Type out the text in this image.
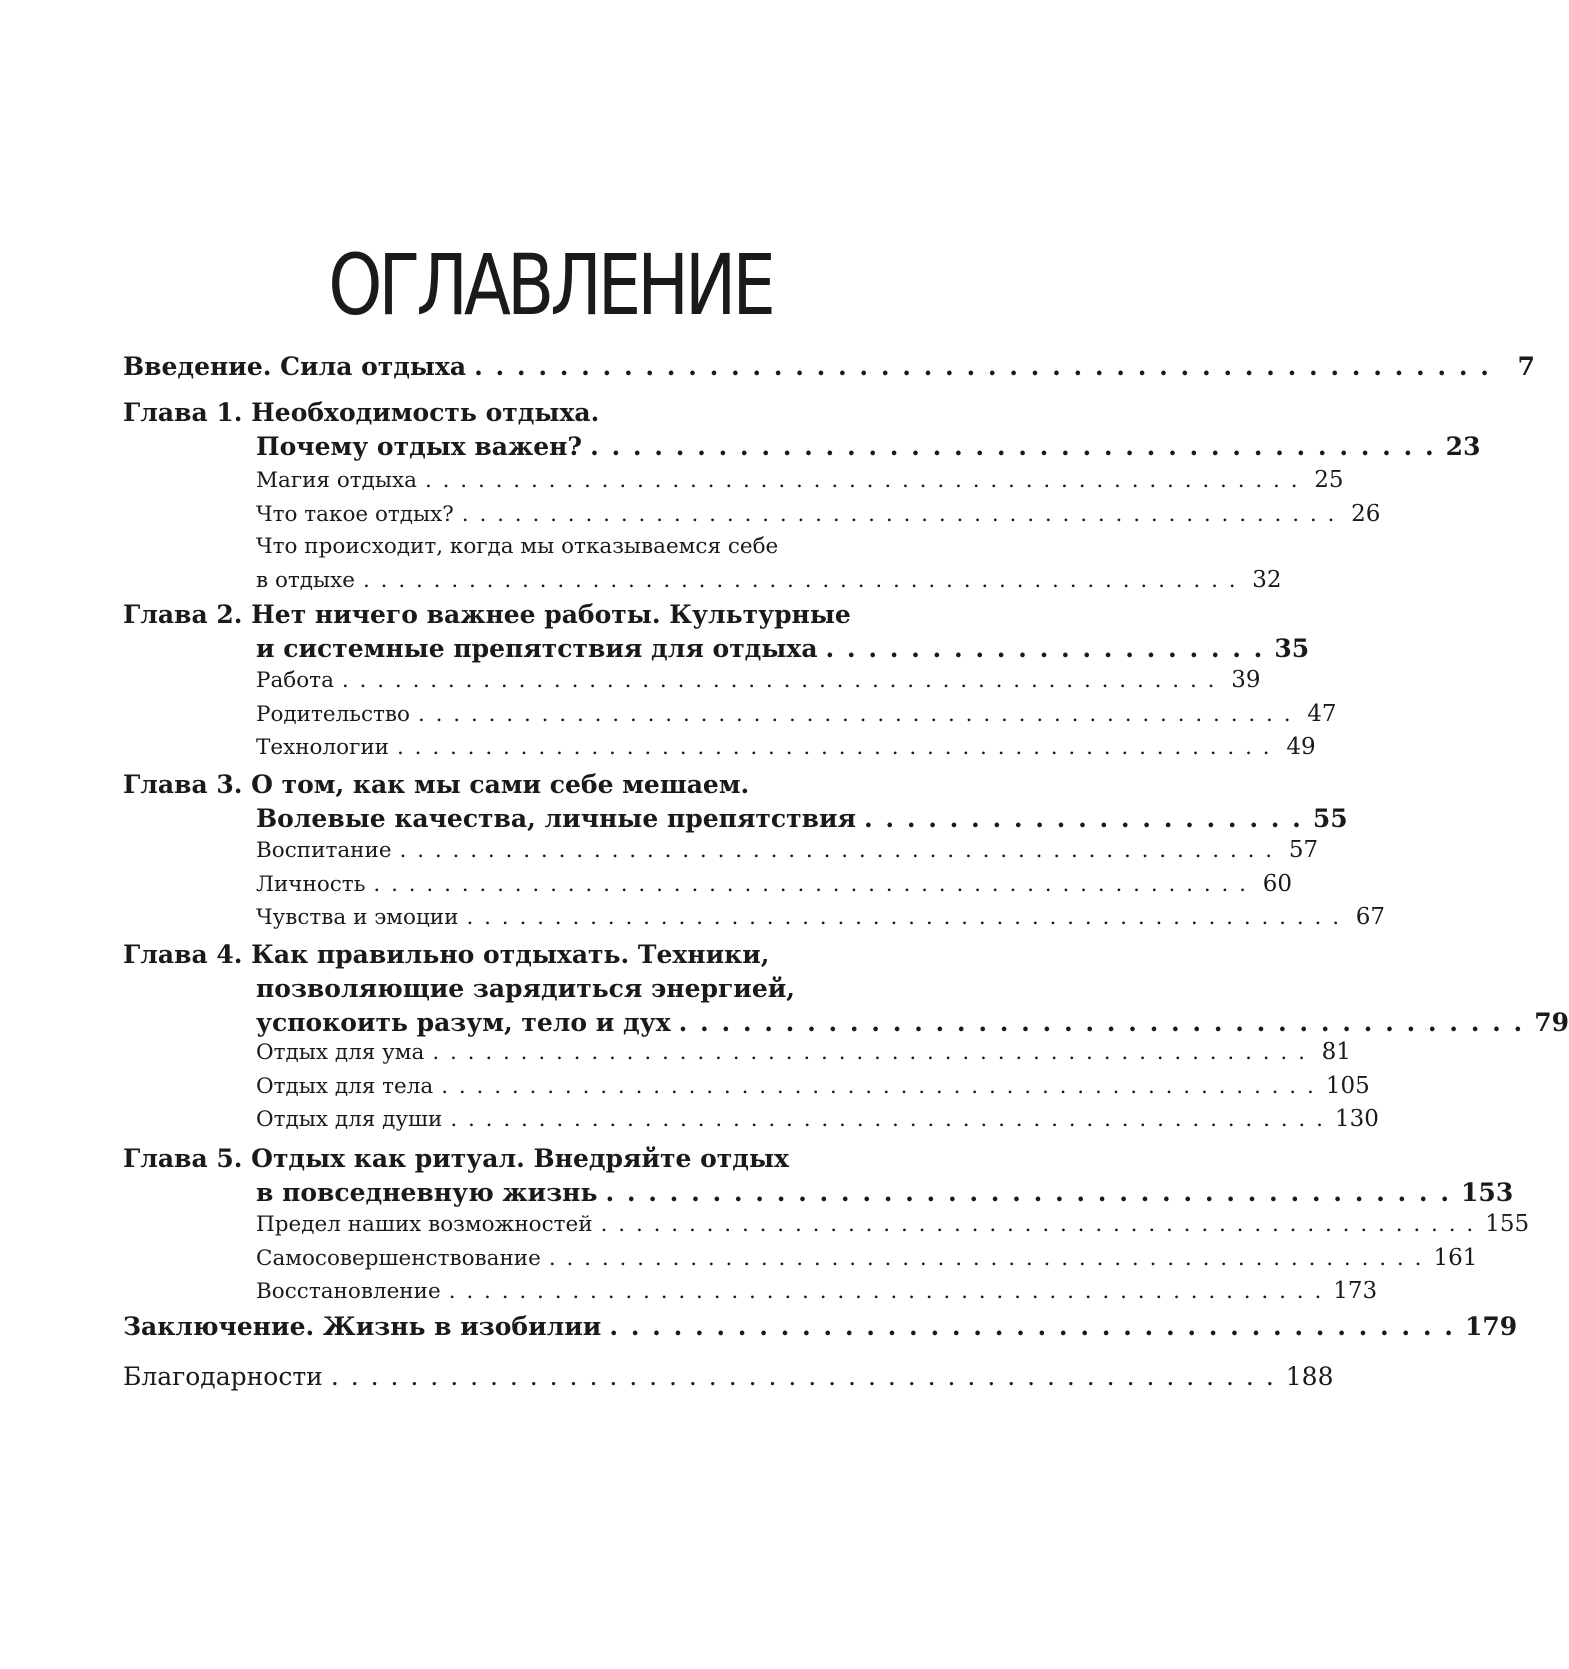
ОГЛАВЛЕНИЕ
Введение. Сила отдыха . . . . . . . . . . . . . . . . . . . . . . . . . . . . . . . . . . . . . . . . . . . . . . . .	7
Глава 1. Необходимость отдыха.
Почему отдых важен? . . . . . . . . . . . . . . . . . . . . . . . . . . . . . . . . . . . . . . . . 23
Магия отдыха . . . . . . . . . . . . . . . . . . . . . . . . . . . . . . . . . . . . . . . . . . . . . . . . . . 25
Что такое отдых? . . . . . . . . . . . . . . . . . . . . . . . . . . . . . . . . . . . . . . . . . . . . . . . . . . 26
Что происходит, когда мы отказываемся себе
в отдыхе . . . . . . . . . . . . . . . . . . . . . . . . . . . . . . . . . . . . . . . . . . . . . . . . . . 32
Глава 2. Нет ничего важнее работы. Культурные
и системные препятствия для отдыха . . . . . . . . . . . . . . . . . . . . . 35
Работа . . . . . . . . . . . . . . . . . . . . . . . . . . . . . . . . . . . . . . . . . . . . . . . . . . 39
Родительство . . . . . . . . . . . . . . . . . . . . . . . . . . . . . . . . . . . . . . . . . . . . . . . . . . 47
Технологии . . . . . . . . . . . . . . . . . . . . . . . . . . . . . . . . . . . . . . . . . . . . . . . . . . 49
Глава 3. О том, как мы сами себе мешаем.
Волевые качества, личные препятствия . . . . . . . . . . . . . . . . . . . . . 55
Воспитание . . . . . . . . . . . . . . . . . . . . . . . . . . . . . . . . . . . . . . . . . . . . . . . . . . 57
Личность . . . . . . . . . . . . . . . . . . . . . . . . . . . . . . . . . . . . . . . . . . . . . . . . . . 60
Чувства и эмоции . . . . . . . . . . . . . . . . . . . . . . . . . . . . . . . . . . . . . . . . . . . . . . . . . . 67
Глава 4. Как правильно отдыхать. Техники,
позволяющие зарядиться энергией,
успокоить разум, тело и дух . . . . . . . . . . . . . . . . . . . . . . . . . . . . . . . . . . . . . . . . 79
Отдых для ума . . . . . . . . . . . . . . . . . . . . . . . . . . . . . . . . . . . . . . . . . . . . . . . . . . 81
Отдых для тела . . . . . . . . . . . . . . . . . . . . . . . . . . . . . . . . . . . . . . . . . . . . . . . . . . 105
Отдых для души . . . . . . . . . . . . . . . . . . . . . . . . . . . . . . . . . . . . . . . . . . . . . . . . . . 130
Глава 5. Отдых как ритуал. Внедряйте отдых
в повседневную жизнь . . . . . . . . . . . . . . . . . . . . . . . . . . . . . . . . . . . . . . . . 153
Предел наших возможностей . . . . . . . . . . . . . . . . . . . . . . . . . . . . . . . . . . . . . . . . . . . . . . . . . . 155
Самосовершенствование . . . . . . . . . . . . . . . . . . . . . . . . . . . . . . . . . . . . . . . . . . . . . . . . . . 161
Восстановление . . . . . . . . . . . . . . . . . . . . . . . . . . . . . . . . . . . . . . . . . . . . . . . . . . 173
Заключение. Жизнь в изобилии . . . . . . . . . . . . . . . . . . . . . . . . . . . . . . . . . . . . . . . . 179
Благодарности . . . . . . . . . . . . . . . . . . . . . . . . . . . . . . . . . . . . . . . . . . . . . . . . 188
